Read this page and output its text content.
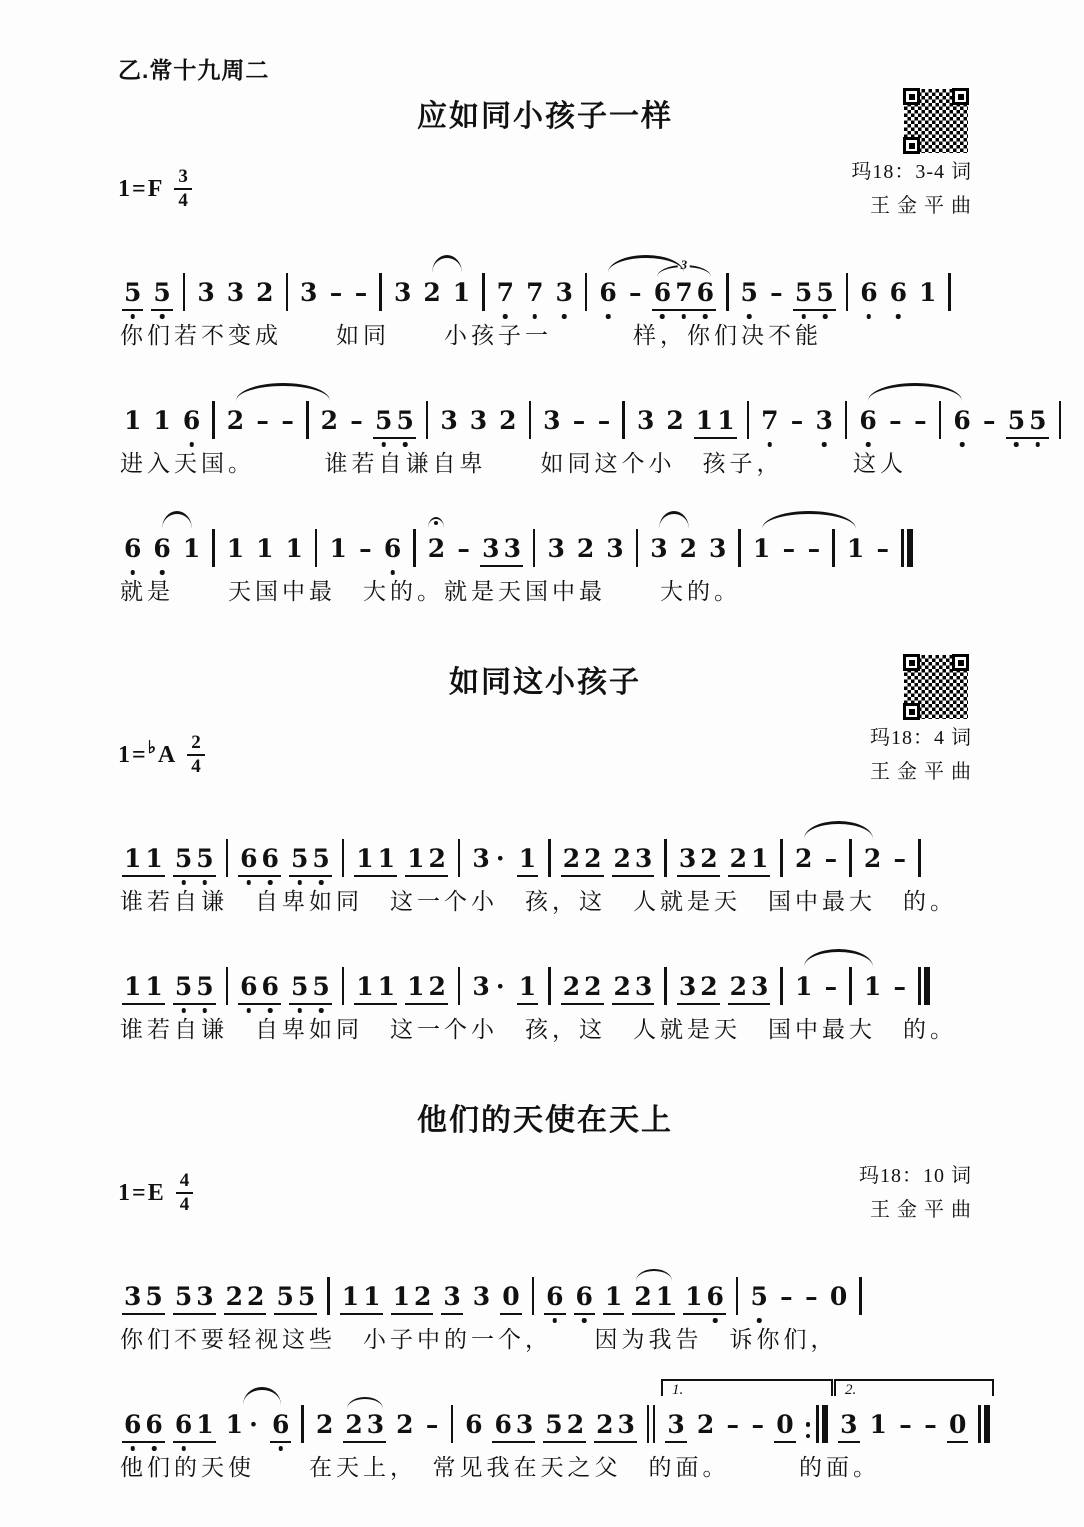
乙.常十九周二
应如同小孩子一样
1 = F $\frac{3}{4}$	玛18：3-4 词
王 金 平 曲
5 5 3 3 2 3 – – 3 2 1 7 7 3 6 – 6 7 6
3
5 – 5 5 6 6 1
你们若不变成　　如同　　小孩子一　　　样，你们决不能
1 1 6 2 – – 2 – 5 5 3 3 2 3 – – 3 2 1 1 7 – 3 6 – – 6 – 5 5
进入天国。　　　谁若自谦自卑　　如同这个小　孩子，　　　这人
6 6 1 1 1 1 1 – 6 2 – 3 3 3 2 3 3 2 3 1 – – 1 –
就是　　天国中最　大的。就是天国中最　　大的。
如同这小孩子
1 = ♭ A $\frac{2}{4}$	玛18：4 词
王 金 平 曲
1 1 5 5 6 6 5 5 1 1 1 2 3 · 1 2 2 2 3 3 2 2 1 2 – 2 –
谁若自谦　自卑如同　这一个小　孩，这　人就是天　国中最大　的。
1 1 5 5 6 6 5 5 1 1 1 2 3 · 1 2 2 2 3 3 2 2 3 1 – 1 –
谁若自谦　自卑如同　这一个小　孩，这　人就是天　国中最大　的。
他们的天使在天上
1 = E $\frac{4}{4}$	玛18：10 词
王 金 平 曲
3 5 5 3 2 2 5 5 1 1 1 2 3 3 0 6 6 1 2 1 1 6 5 – – 0
你们不要轻视这些　小子中的一个，　　因为我告　诉你们，
6 6 6 1 1 · 6 2 2 3 2 – 6 6 3 5 2 2 3 3 2 – – 0 3 1 – – 0
1.	2.
他们的天使　　在天上，　常见我在天之父　的面。　　　的面。
